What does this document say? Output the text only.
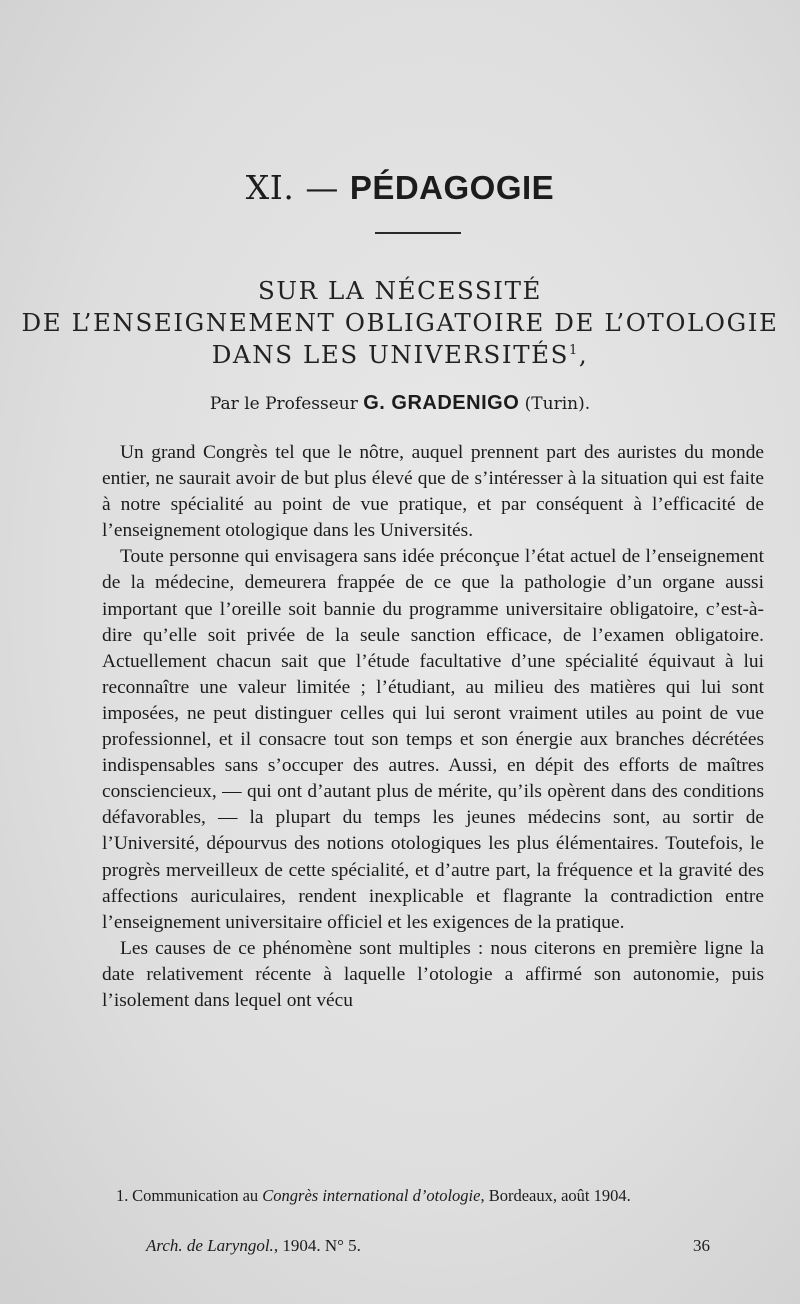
XI. — PÉDAGOGIE
SUR LA NÉCESSITÉ
DE L’ENSEIGNEMENT OBLIGATOIRE DE L’OTOLOGIE
DANS LES UNIVERSITÉS$^1$,
Par le Professeur G. GRADENIGO (Turin).

Un grand Congrès tel que le nôtre, auquel prennent part des auristes du monde entier, ne saurait avoir de but plus élevé que de s’intéresser à la situation qui est faite à notre spécialité au point de vue pratique, et par conséquent à l’efficacité de l’enseignement otologique dans les Universités.

Toute personne qui envisagera sans idée préconçue l’état actuel de l’enseignement de la médecine, demeurera frappée de ce que la pathologie d’un organe aussi important que l’oreille soit bannie du programme universitaire obligatoire, c’est-à-dire qu’elle soit privée de la seule sanction efficace, de l’examen obligatoire. Actuellement chacun sait que l’étude facultative d’une spécialité équivaut à lui reconnaître une valeur limitée ; l’étudiant, au milieu des matières qui lui sont imposées, ne peut distinguer celles qui lui seront vraiment utiles au point de vue professionnel, et il consacre tout son temps et son énergie aux branches décrétées indispensables sans s’occuper des autres. Aussi, en dépit des efforts de maîtres consciencieux, — qui ont d’autant plus de mérite, qu’ils opèrent dans des conditions défavorables, — la plupart du temps les jeunes médecins sont, au sortir de l’Université, dépourvus des notions otologiques les plus élémentaires. Toutefois, le progrès merveilleux de cette spécialité, et d’autre part, la fréquence et la gravité des affections auriculaires, rendent inexplicable et flagrante la contradiction entre l’enseignement universitaire officiel et les exigences de la pratique.

Les causes de ce phénomène sont multiples : nous citerons en première ligne la date relativement récente à laquelle l’otologie a affirmé son autonomie, puis l’isolement dans lequel ont vécu

1. Communication au Congrès international d’otologie, Bordeaux, août 1904.
Arch. de Laryngol., 1904. N° 5.	36
